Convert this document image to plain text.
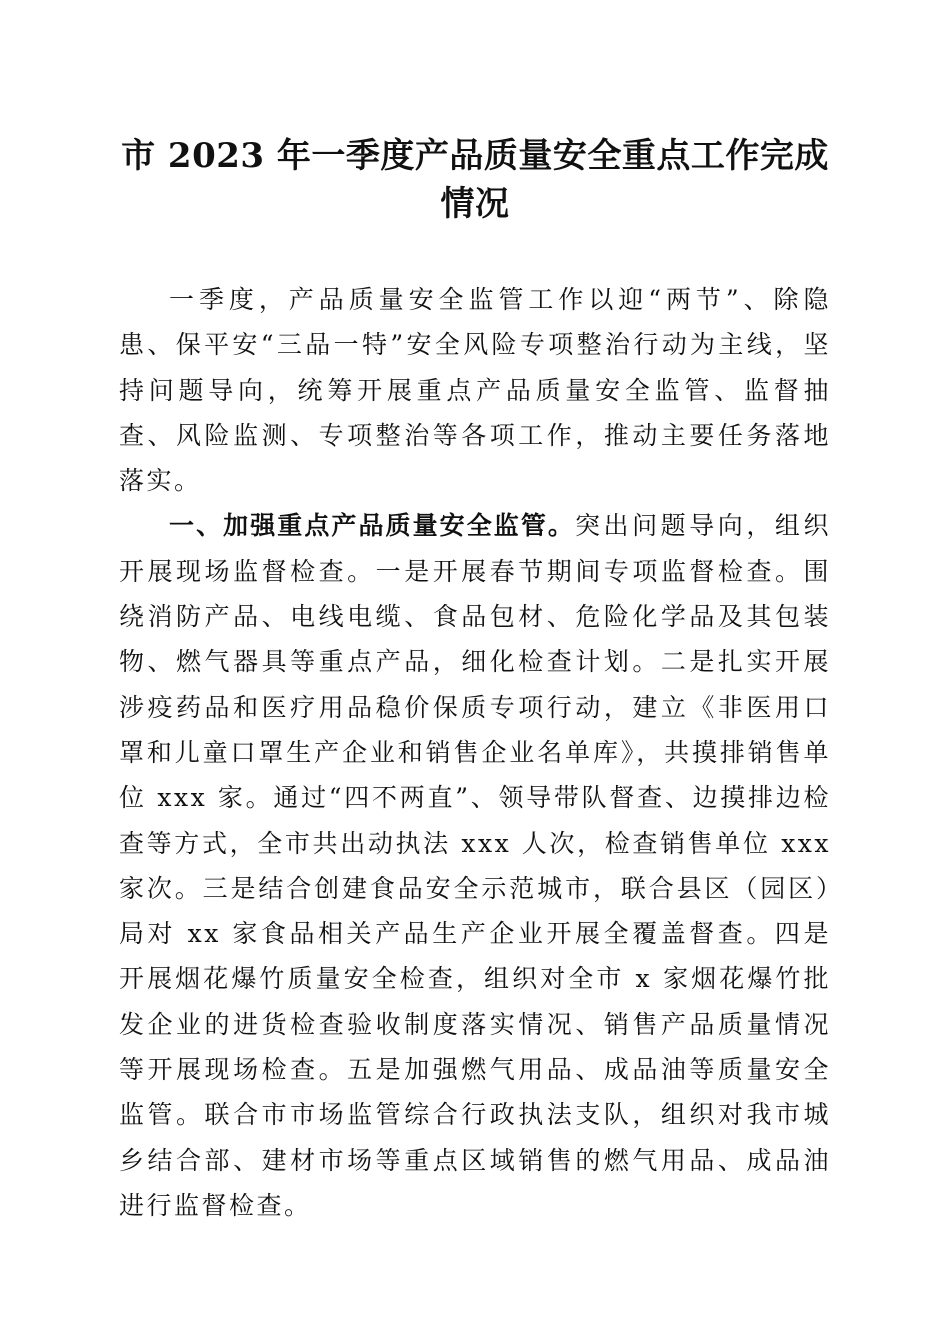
市 2023 年一季度产品质量安全重点工作完成
情况

一季度，产品质量安全监管工作以迎“两节”、除隐患、保平安“三品一特”安全风险专项整治行动为主线，坚持问题导向，统筹开展重点产品质量安全监管、监督抽查、风险监测、专项整治等各项工作，推动主要任务落地落实。

一、加强重点产品质量安全监管。突出问题导向，组织开展现场监督检查。一是开展春节期间专项监督检查。围绕消防产品、电线电缆、食品包材、危险化学品及其包装物、燃气器具等重点产品，细化检查计划。二是扎实开展涉疫药品和医疗用品稳价保质专项行动，建立《非医用口罩和儿童口罩生产企业和销售企业名单库》，共摸排销售单位 xxx 家。通过“四不两直”、领导带队督查、边摸排边检查等方式，全市共出动执法 xxx 人次，检查销售单位 xxx 家次。三是结合创建食品安全示范城市，联合县区（园区）局对 xx 家食品相关产品生产企业开展全覆盖督查。四是开展烟花爆竹质量安全检查，组织对全市 x 家烟花爆竹批发企业的进货检查验收制度落实情况、销售产品质量情况等开展现场检查。五是加强燃气用品、成品油等质量安全监管。联合市市场监管综合行政执法支队，组织对我市城乡结合部、建材市场等重点区域销售的燃气用品、成品油进行监督检查。
